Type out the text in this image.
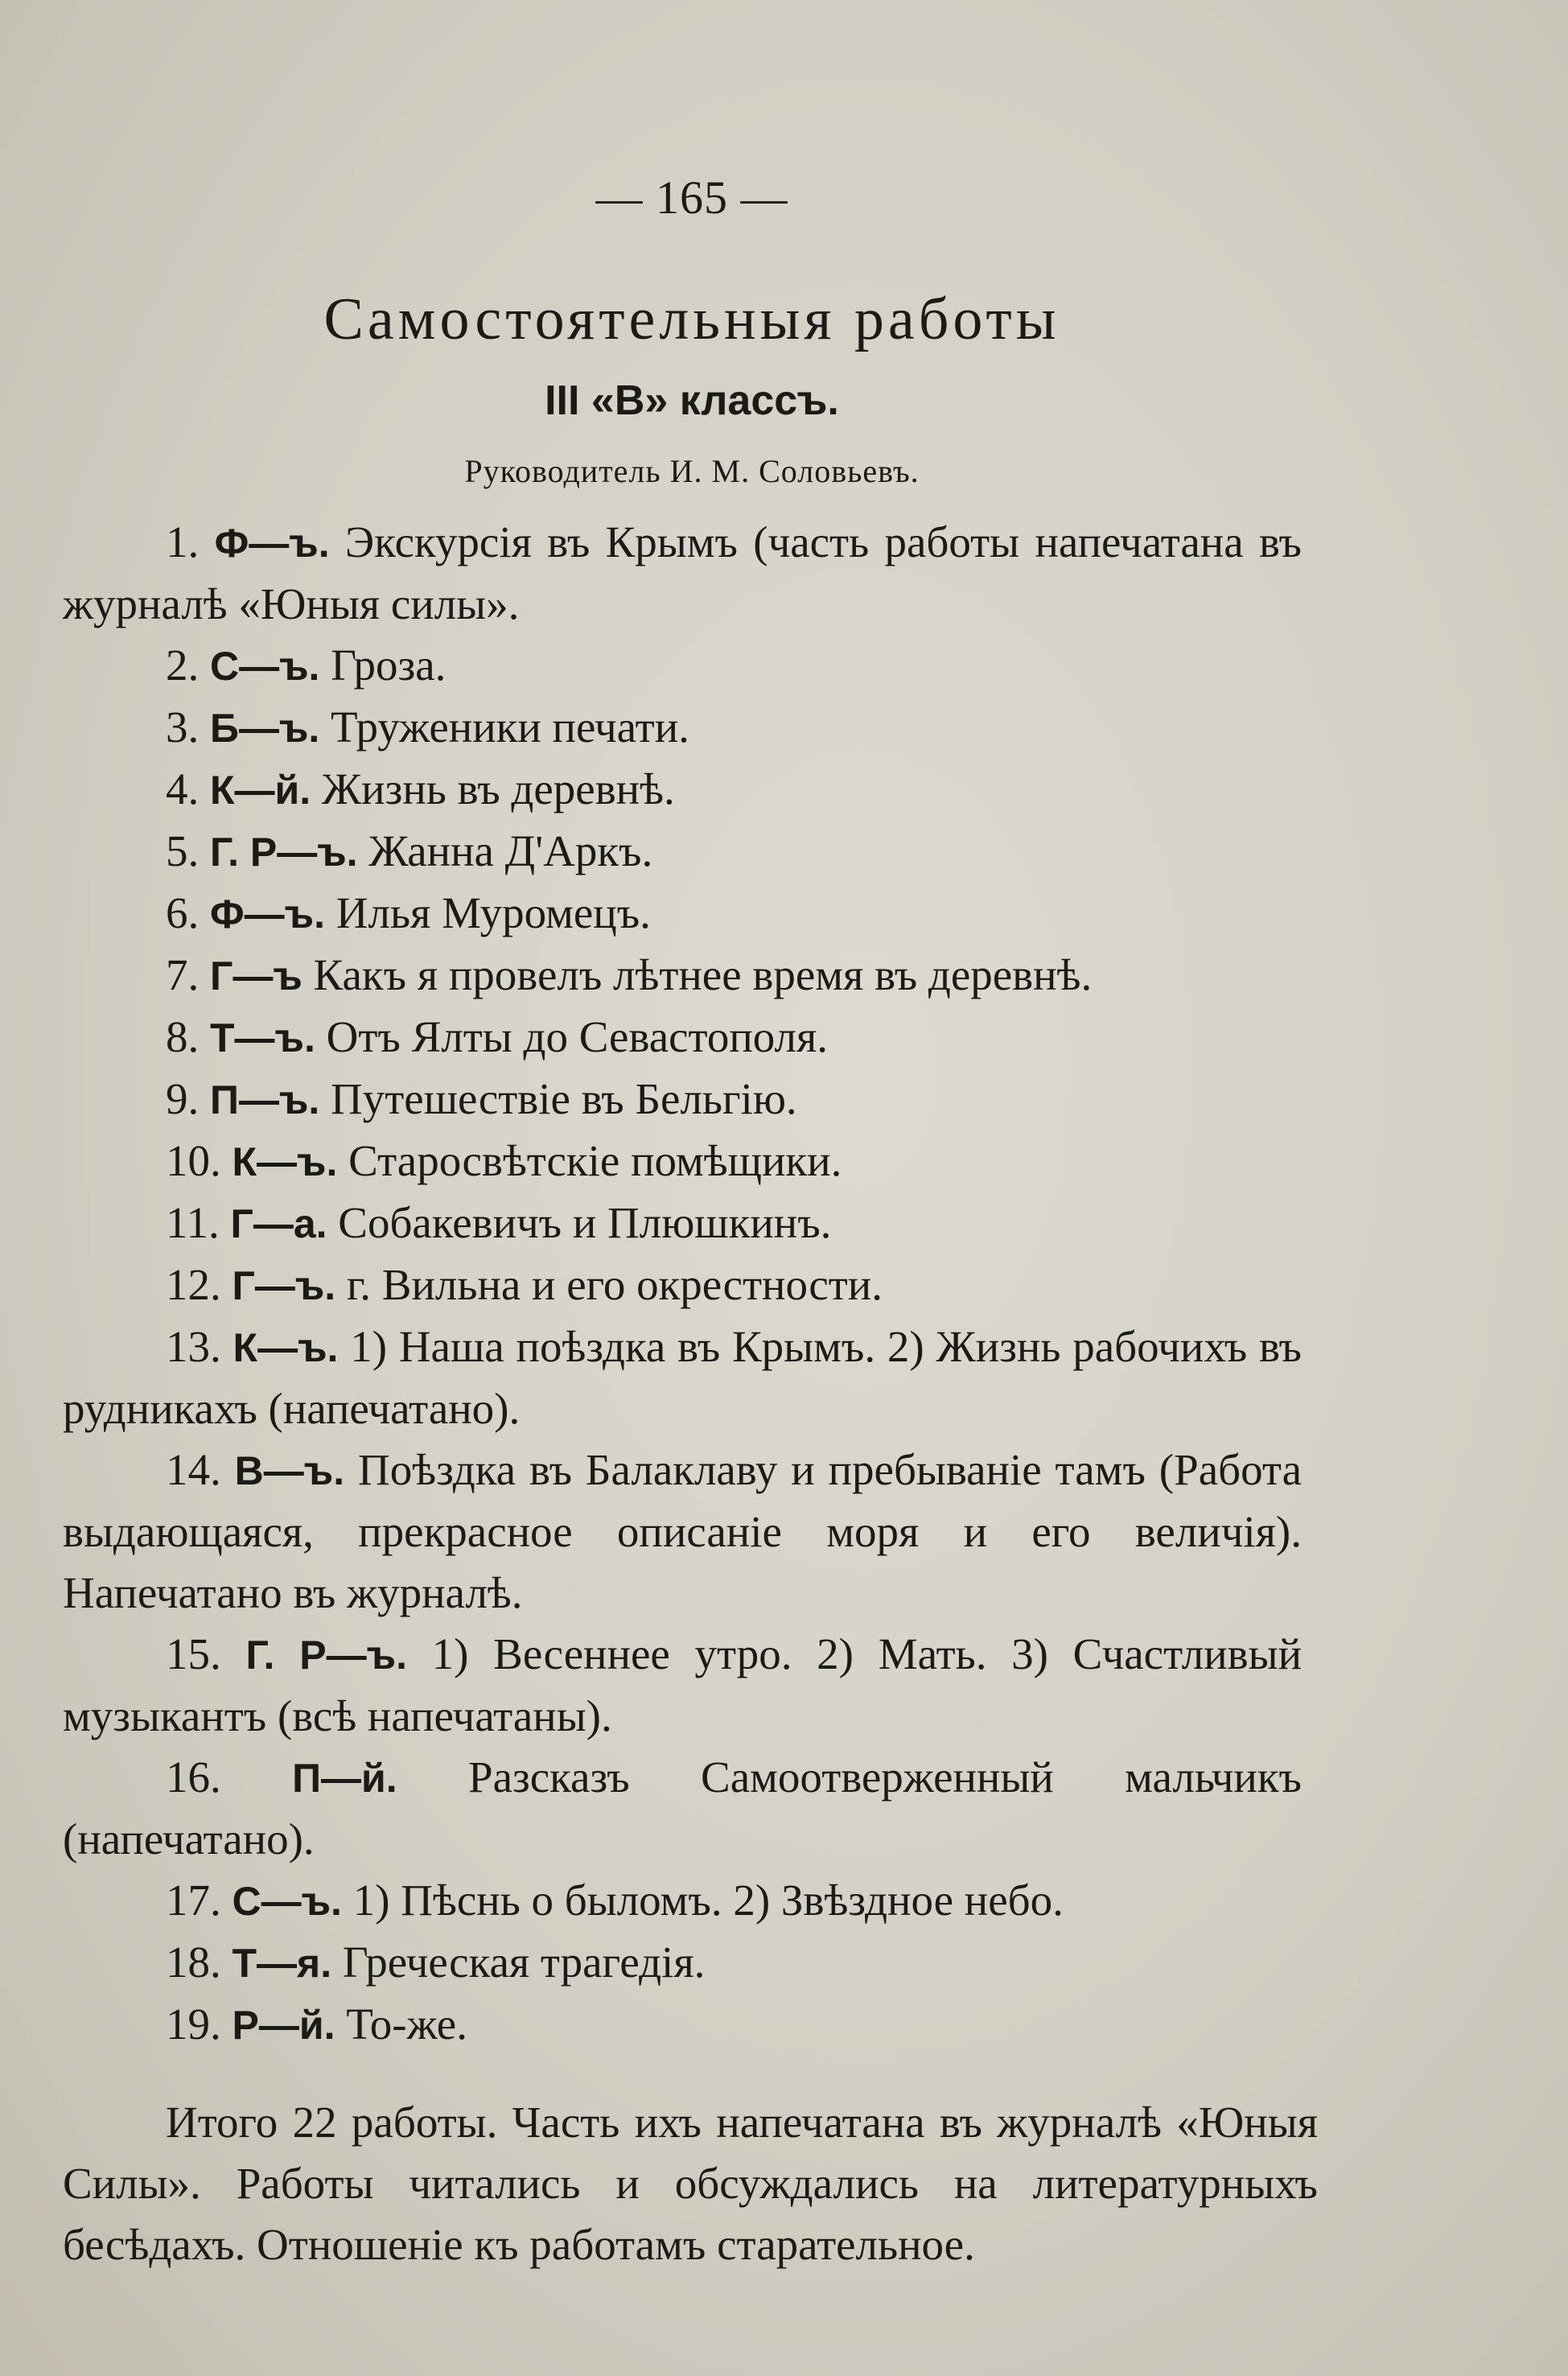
— 165 —
Самостоятельныя работы
III «В» классъ.
Руководитель И. М. Соловьевъ.

1. Ф—ъ. Экскурсія въ Крымъ (часть работы напечатана въ журналѣ «Юныя силы».

2. С—ъ. Гроза.

3. Б—ъ. Труженики печати.

4. К—й. Жизнь въ деревнѣ.

5. Г. Р—ъ. Жанна Д'Аркъ.

6. Ф—ъ. Илья Муромецъ.

7. Г—ъ Какъ я провелъ лѣтнее время въ деревнѣ.

8. Т—ъ. Отъ Ялты до Севастополя.

9. П—ъ. Путешествіе въ Бельгію.

10. К—ъ. Старосвѣтскіе помѣщики.

11. Г—а. Собакевичъ и Плюшкинъ.

12. Г—ъ. г. Вильна и его окрестности.

13. К—ъ. 1) Наша поѣздка въ Крымъ. 2) Жизнь рабочихъ въ рудникахъ (напечатано).

14. В—ъ. Поѣздка въ Балаклаву и пребываніе тамъ (Работа выдающаяся, прекрасное описаніе моря и его величія). Напечатано въ журналѣ.

15. Г. Р—ъ. 1) Весеннее утро. 2) Мать. 3) Счастливый музыкантъ (всѣ напечатаны).

16. П—й. Разсказъ Самоотверженный мальчикъ (напечатано).

17. С—ъ. 1) Пѣснь о быломъ. 2) Звѣздное небо.

18. Т—я. Греческая трагедія.

19. Р—й. То-же.

Итого 22 работы. Часть ихъ напечатана въ журналѣ «Юныя Силы». Работы читались и обсуждались на литературныхъ бесѣдахъ. Отношеніе къ работамъ старательное.
